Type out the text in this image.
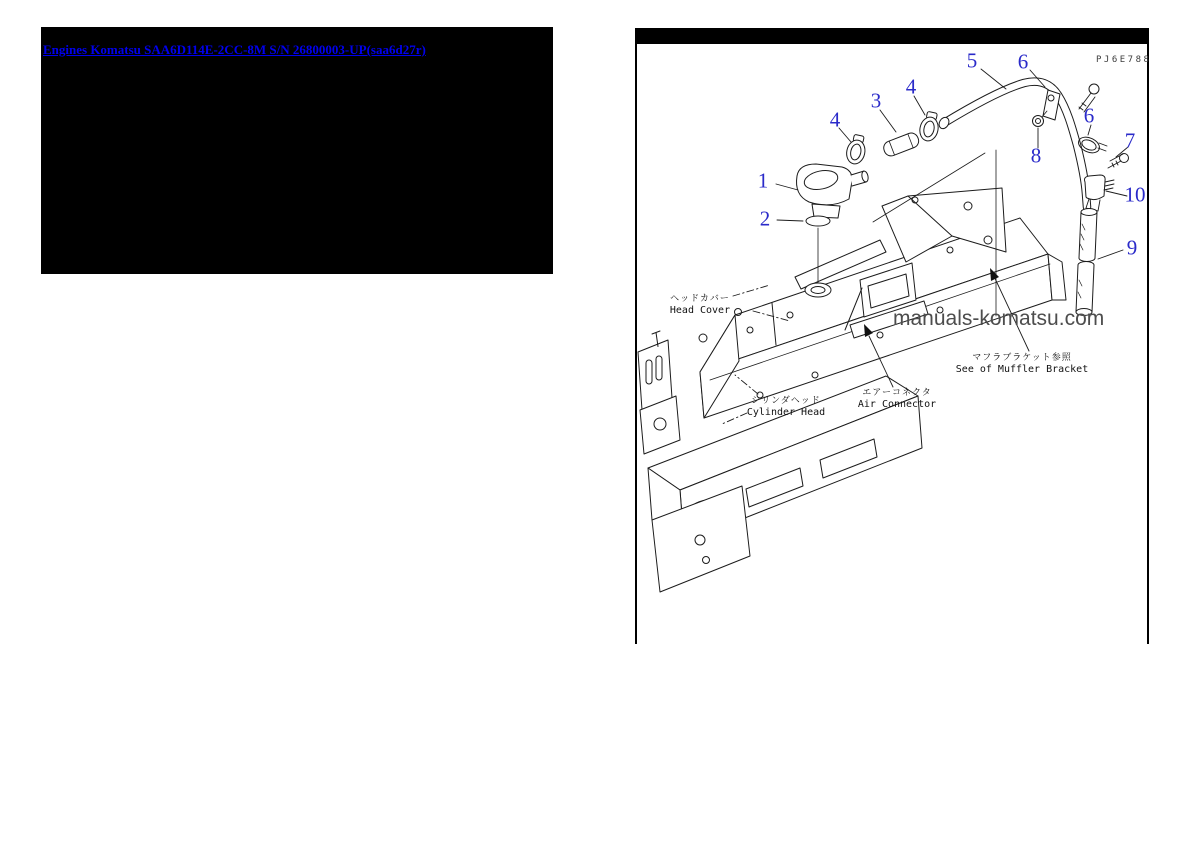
Engines Komatsu SAA6D114E-2CC-8M S/N 26800003-UP(saa6d27r)
PJ6E788
manuals-komatsu.com
1
2
3
4
4
5 6
6
7
8
9
10
ヘッドカバー
Head Cover
シリンダヘッド
Cylinder Head
エアーコネクタ
Air Connector
マフラブラケット参照
See of Muffler Bracket
